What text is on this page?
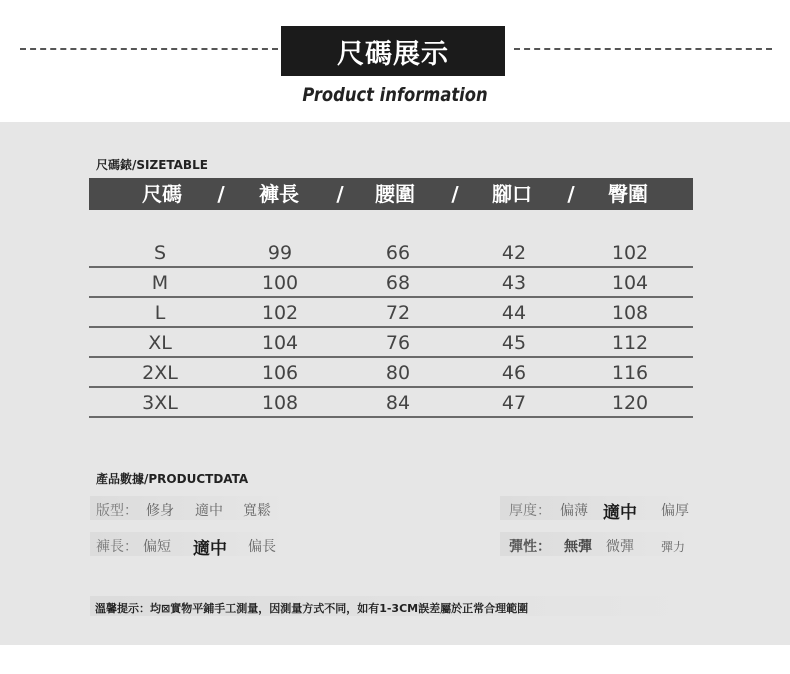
尺碼展示
Product information
尺碼錶/SIZETABLE
尺碼 / 褲長 / 腰圍 / 腳口 / 臀圍
S	99	66	42	102
M	100	68	43	104
L	102	72	44	108
XL	104	76	45	112
2XL	106	80	46	116
3XL	108	84	47	120
產品數據/PRODUCTDATA
版型： 修身 適中 寬鬆	厚度： 偏薄 適中 偏厚
褲長： 偏短 適中 偏長	彈性： 無彈 微彈 彈力
溫馨提示：均⊠實物平鋪手工測量，因測量方式不同，如有1-3CM誤差屬於正常合理範圍
